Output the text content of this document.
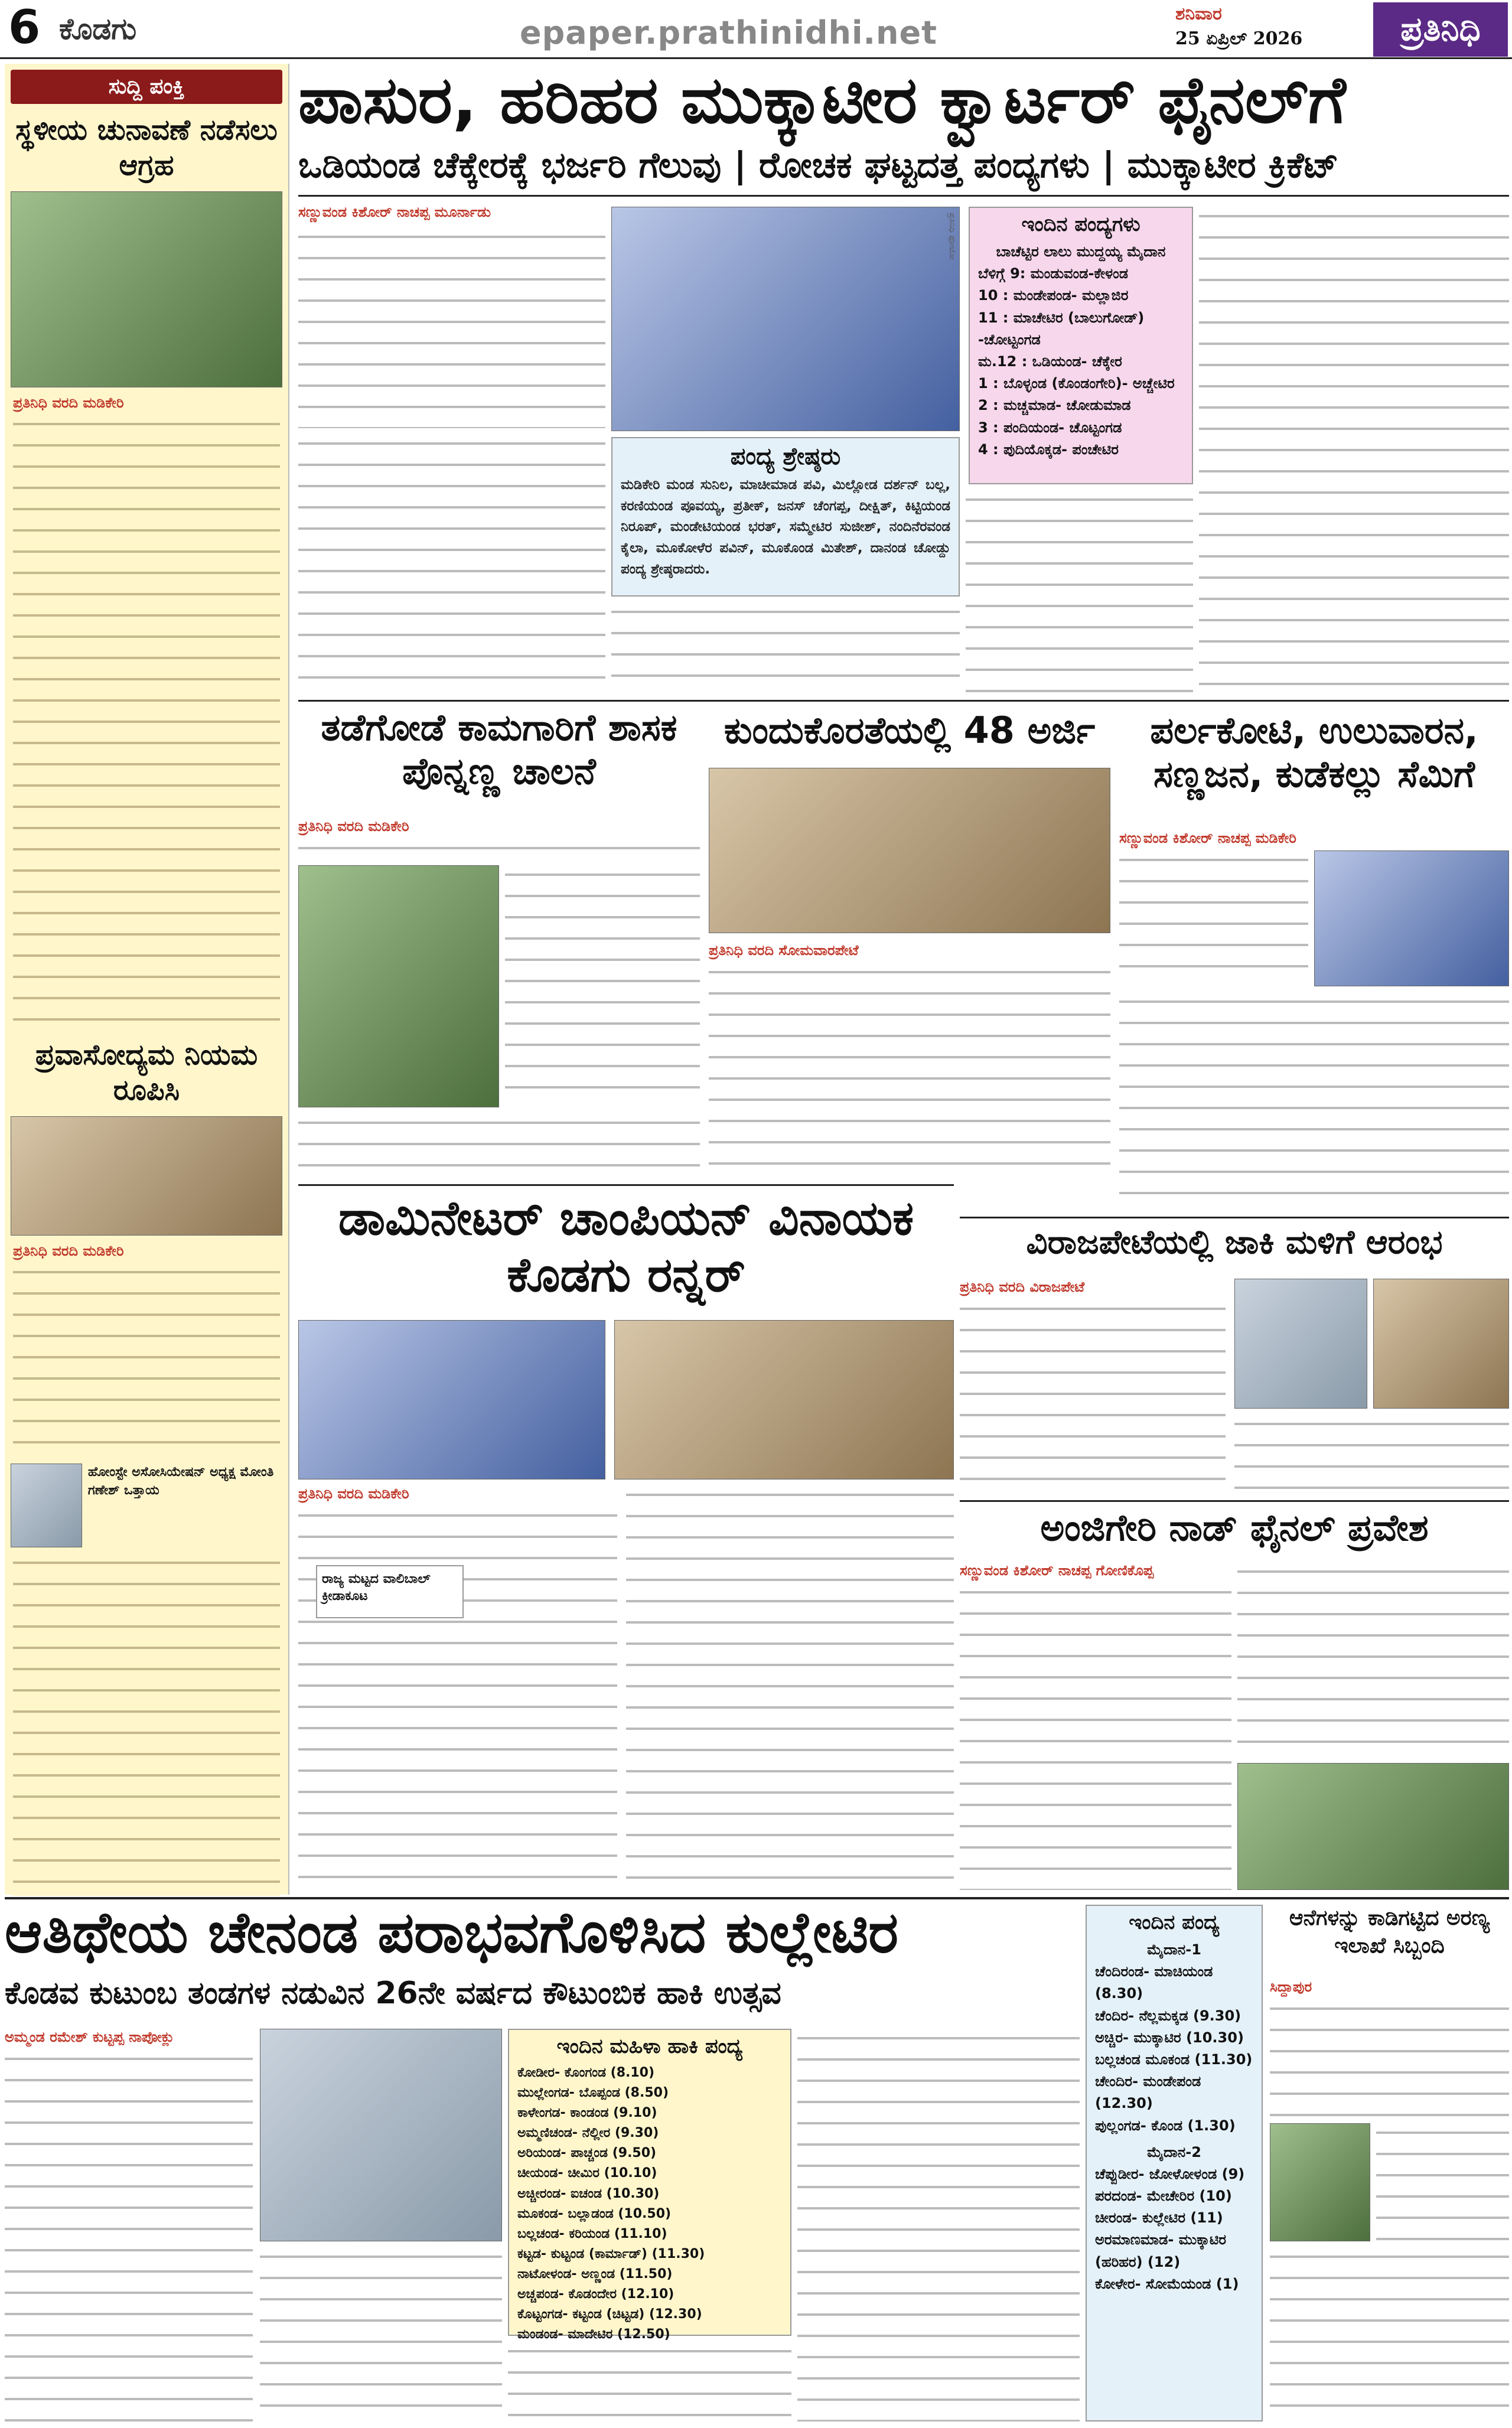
6 ಕೊಡಗು	epaper.prathinidhi.net
ಶನಿವಾರ
25 ಏಪ್ರಿಲ್ 2026	ಪ್ರತಿನಿಧಿ
ಸುದ್ದಿ ಪಂಕ್ತಿ
ಸ್ಥಳೀಯ ಚುನಾವಣೆ ನಡೆಸಲು ಆಗ್ರಹ
ಪ್ರತಿನಿಧಿ ವರದಿ ಮಡಿಕೇರಿ
ಪ್ರವಾಸೋದ್ಯಮ ನಿಯಮ ರೂಪಿಸಿ
ಪ್ರತಿನಿಧಿ ವರದಿ ಮಡಿಕೇರಿ
ಹೋಂಸ್ಟೇ ಅಸೋಸಿಯೇಷನ್ ಅಧ್ಯಕ್ಷ ಮೋಂತಿ ಗಣೇಶ್ ಒತ್ತಾಯ
ಪಾಸುರ, ಹರಿಹರ ಮುಕ್ಕಾಟೀರ ಕ್ವಾರ್ಟರ್ ಫೈನಲ್‌ಗೆ
ಒಡಿಯಂಡ ಚೆಕ್ಕೇರಕ್ಕೆ ಭರ್ಜರಿ ಗೆಲುವು | ರೋಚಕ ಘಟ್ಟದತ್ತ ಪಂದ್ಯಗಳು | ಮುಕ್ಕಾಟೀರ ಕ್ರಿಕೆಟ್
ಸಣ್ಣುವಂಡ ಕಿಶೋರ್ ನಾಚಪ್ಪ ಮೂರ್ನಾಡು
ಪ್ರತಿನಿಧಿ ಫೋಟೋ	ಇಂದಿನ ಪಂದ್ಯಗಳು
ಬಾಚೆಟ್ಟಿರ ಲಾಲು ಮುದ್ದಯ್ಯ ಮೈದಾನ
ಬೆಳಿಗ್ಗೆ 9: ಮಂಡುವಂಡ-ಕೇಳಂಡ
10 : ಮಂಡೇಪಂಡ- ಮಲ್ಲಾಜಿರ
11 : ಮಾಚೇಟಿರ (ಬಾಲುಗೋಡ್) -ಚೋಟ್ಟಂಗಡ
ಮ.12 : ಒಡಿಯಂಡ- ಚೆಕ್ಕೇರ
1 : ಬೊಳ್ಳಂಡ (ಕೊಂಡಂಗೇರಿ)- ಅಚ್ಚೇಟಿರ
2 : ಮಚ್ಚಮಾಡ- ಚೋಡುಮಾಡ
3 : ಪಂದಿಯಂಡ- ಚೊಟ್ಟಂಗಡ
4 : ಪುದಿಯೊಕ್ಕಡ- ಪಂಚೇಟಿರ
ಪಂದ್ಯ ಶ್ರೇಷ್ಠರು
ಮಡಿಕೇರಿ ಮಂಡ ಸುನಿಲ, ಮಾಚೀಮಾಡ ಪವಿ, ಮಿಲ್ಲೋಡ ದರ್ಶನ್ ಬಲ್ಲ, ಕರಣಿಯಂಡ ಪೂವಯ್ಯ, ಪ್ರತೀಕ್, ಜನಸ್ ಚೆಂಗಪ್ಪ, ದೀಕ್ಷಿತ್, ಕಿಟ್ಟಿಯಂಡ ನಿರೂಪ್, ಮಂಡೇಟಿಯಂಡ ಭರತ್, ಸಮ್ಮೇಟಿರ ಸುಜೀಶ್, ನಂದಿನೆರವಂಡ ಕೈಲಾ, ಮೂಕೋಳೆರ ಪವಿನ್, ಮೂಕೊಂಡ ಮಿತೇಶ್, ದಾನಂಡ ಚೋಡ್ದು ಪಂದ್ಯ ಶ್ರೇಷ್ಠರಾದರು.
ತಡೆಗೋಡೆ ಕಾಮಗಾರಿಗೆ ಶಾಸಕ ಪೊನ್ನಣ್ಣ ಚಾಲನೆ
ಪ್ರತಿನಿಧಿ ವರದಿ ಮಡಿಕೇರಿ
ಕುಂದುಕೊರತೆಯಲ್ಲಿ 48 ಅರ್ಜಿ
ಪ್ರತಿನಿಧಿ ವರದಿ ಸೋಮವಾರಪೇಟೆ
ಪರ್ಲಕೋಟಿ, ಉಲುವಾರನ, ಸಣ್ಣಜನ, ಕುಡೆಕಲ್ಲು ಸೆಮಿಗೆ
ಸಣ್ಣುವಂಡ ಕಿಶೋರ್ ನಾಚಪ್ಪ ಮಡಿಕೇರಿ
ಡಾಮಿನೇಟರ್ ಚಾಂಪಿಯನ್ ವಿನಾಯಕ ಕೊಡಗು ರನ್ನರ್
ಪ್ರತಿನಿಧಿ ವರದಿ ಮಡಿಕೇರಿ
ರಾಜ್ಯ ಮಟ್ಟದ ವಾಲಿಬಾಲ್ ಕ್ರೀಡಾಕೂಟ
ವಿರಾಜಪೇಟೆಯಲ್ಲಿ ಜಾಕಿ ಮಳಿಗೆ ಆರಂಭ
ಪ್ರತಿನಿಧಿ ವರದಿ ವಿರಾಜಪೇಟೆ
ಅಂಜಿಗೇರಿ ನಾಡ್ ಫೈನಲ್ ಪ್ರವೇಶ
ಸಣ್ಣುವಂಡ ಕಿಶೋರ್ ನಾಚಪ್ಪ ಗೋಣಿಕೊಪ್ಪ
ಆತಿಥೇಯ ಚೇನಂಡ ಪರಾಭವಗೊಳಿಸಿದ ಕುಲ್ಲೇಟಿರ
ಕೊಡವ ಕುಟುಂಬ ತಂಡಗಳ ನಡುವಿನ 26ನೇ ವರ್ಷದ ಕೌಟುಂಬಿಕ ಹಾಕಿ ಉತ್ಸವ
ಅಮ್ಮಂಡ ರಮೇಶ್ ಕುಟ್ಟಪ್ಪ ನಾಪೋಕ್ಲು	ಇಂದಿನ ಮಹಿಳಾ ಹಾಕಿ ಪಂದ್ಯ
ಕೋಡೀರ- ಕೊಂಗಂಡ (8.10)
ಮುಲ್ಲೇಂಗಡ- ಬೊಪ್ಪಂಡ (8.50)
ಕಾಳೇಂಗಡ- ಕಾಂಡಂಡ (9.10)
ಅಮ್ಮಣಿಚಂಡ- ನೆಲ್ಲೀರ (9.30)
ಅರಿಯಂಡ- ಪಾಚ್ಚಂಡ (9.50)
ಚೀಯಂಡ- ಚೀಮಿರ (10.10)
ಅಚ್ಚೀರಂಡ- ಐಚಂಡ (10.30)
ಮೂಕಂಡ- ಬಲ್ಲಾಡಂಡ (10.50)
ಬಲ್ಲಚಂಡ- ಕರಿಯಂಡ (11.10)
ಕಟ್ಟಡ- ಕುಟ್ಟಂಡ (ಕಾರ್ಮಾಡ್) (11.30)
ನಾಟೋಳಂಡ- ಅಣ್ಣಂಡ (11.50)
ಅಚ್ಚಪಂಡ- ಕೊಡಂದೇರ (12.10)
ಕೊಟ್ಟಂಗಡ- ಕಟ್ಟಂಡ (ಚಿಟ್ಟಡ) (12.30)
ಮಂಡಂಡ- ಮಾದೇಟಿರ (12.50)
ಇಂದಿನ ಪಂದ್ಯ
ಮೈದಾನ-1
ಚೆಂದಿರಂಡ- ಮಾಚಿಯಂಡ (8.30)
ಚೆಂದಿರ- ನೆಲ್ಲಮಕ್ಕಡ (9.30)
ಅಚ್ಚಿರ- ಮುಕ್ಕಾಟಿರ (10.30)
ಬಲ್ಲಚಂಡ ಮೂಕಂಡ (11.30)
ಚೇಂದಿರ- ಮಂಡೇಪಂಡ (12.30)
ಪುಲ್ಲಂಗಡ- ಕೊಂಡ (1.30)
ಮೈದಾನ-2
ಚೆಪ್ಪುಡೀರ- ಜೋಳೋಳಂಡ (9)
ಪರದಂಡ- ಮೇಚೇರಿರ (10)
ಚೀರಂಡ- ಕುಲ್ಲೇಟಿರ (11)
ಅರಮಾಣಮಾಡ- ಮುಕ್ಕಾಟಿರ (ಹರಿಹರ) (12)
ಕೋಳೇರ- ಸೋಮೆಯಂಡ (1)
ಆನೆಗಳನ್ನು ಕಾಡಿಗಟ್ಟಿದ ಅರಣ್ಯ ಇಲಾಖೆ ಸಿಬ್ಬಂದಿ
ಸಿದ್ದಾಪುರ
